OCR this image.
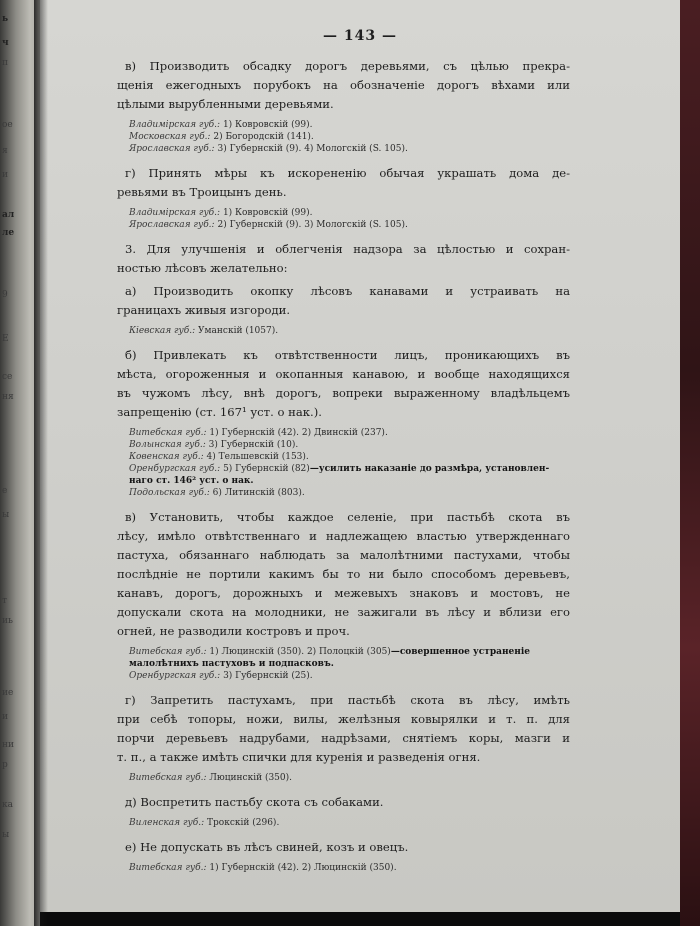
ь
ч
п
ое
я
и
ал
ле
9
Е
се
ня
е
ы
т
иь
ие
и
ни
р
ка
ы
— 143 —
в) Производить обсадку дорогъ деревьями, съ цѣлью прекра-
щенія ежегодныхъ порубокъ на обозначеніе дорогъ вѣхами или
цѣлыми вырубленными деревьями.
Владимірская губ.: 1) Ковровскій (99).
Московская губ.: 2) Богородскій (141).
Ярославская губ.: 3) Губернскій (9). 4) Мологскій (S. 105).
г) Принять мѣры къ искорененію обычая украшать дома де-
ревьями въ Троицынъ день.
Владимірская губ.: 1) Ковровскій (99).
Ярославская губ.: 2) Губернскій (9). 3) Мологскій (S. 105).
3. Для улучшенія и облегченія надзора за цѣлостью и сохран-
ностью лѣсовъ желательно:
а) Производить окопку лѣсовъ канавами и устраивать на
границахъ живыя изгороди.
Кіевская губ.: Уманскій (1057).
б) Привлекать къ отвѣтственности лицъ, проникающихъ въ
мѣста, огороженныя и окопанныя канавою, и вообще находящихся
въ чужомъ лѣсу, внѣ дорогъ, вопреки выраженному владѣльцемъ
запрещенію (ст. 167¹ уст. о нак.).
Витебская губ.: 1) Губернскій (42). 2) Двинскій (237).
Волынская губ.: 3) Губернскій (10).
Ковенская губ.: 4) Тельшевскій (153).
Оренбургская губ.: 5) Губернскій (82)—усилить наказаніе до размѣра, установлен-
наго ст. 146² уст. о нак.
Подольская губ.: 6) Литинскій (803).
в) Установить, чтобы каждое селеніе, при пастьбѣ скота въ
лѣсу, имѣло отвѣтственнаго и надлежащею властью утвержденнаго
пастуха, обязаннаго наблюдать за малолѣтними пастухами, чтобы
послѣдніе не портили какимъ бы то ни было способомъ деревьевъ,
канавъ, дорогъ, дорожныхъ и межевыхъ знаковъ и мостовъ, не
допускали скота на молодники, не зажигали въ лѣсу и вблизи его
огней, не разводили костровъ и проч.
Витебская губ.: 1) Люцинскій (350). 2) Полоцкій (305)—совершенное устраненіе
малолѣтнихъ пастуховъ и подпасковъ.
Оренбургская губ.: 3) Губернскій (25).
г) Запретить пастухамъ, при пастьбѣ скота въ лѣсу, имѣть
при себѣ топоры, ножи, вилы, желѣзныя ковырялки и т. п. для
порчи деревьевъ надрубами, надрѣзами, снятіемъ коры, мазги и
т. п., а также имѣть спички для куренія и разведенія огня.
Витебская губ.: Люцинскій (350).
д) Воспретить пастьбу скота съ собаками.
Виленская губ.: Трокскій (296).
е) Не допускать въ лѣсъ свиней, козъ и овецъ.
Витебская губ.: 1) Губернскій (42). 2) Люцинскій (350).
